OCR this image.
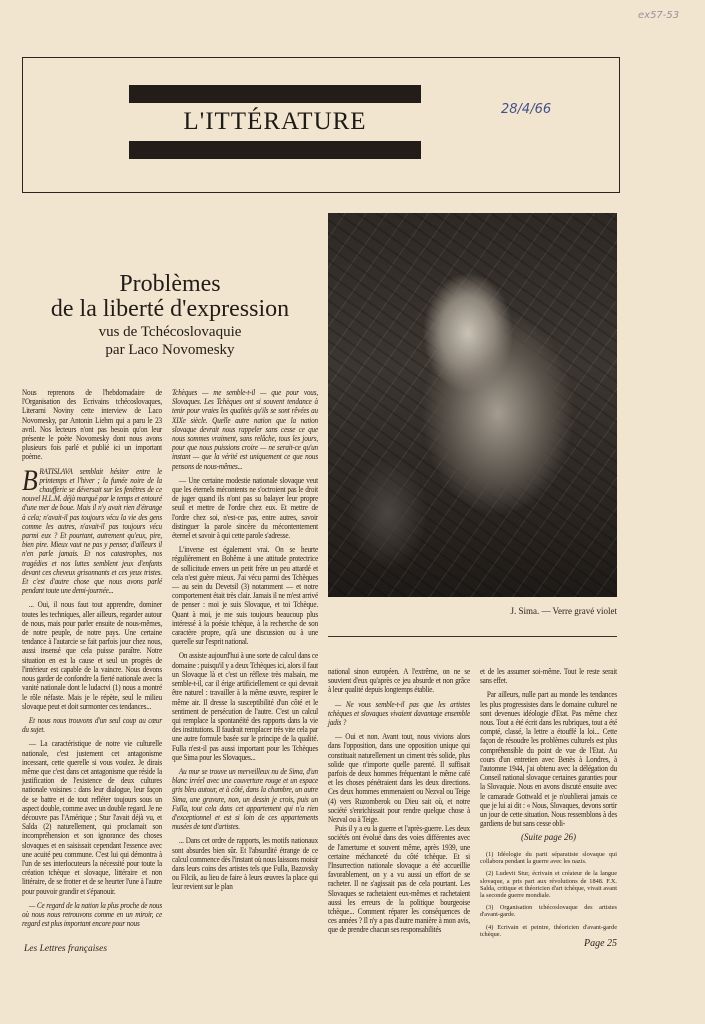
ex57-53
L'ITTÉRATURE	28/4/66
Problèmes
de la liberté d'expression
vus de Tchécoslovaquie
par Laco Novomesky
J. Sima. — Verre gravé violet

Nous reprenons de l'hebdomadaire de l'Organisation des Ecrivains tchécoslovaques, Literarni Noviny cette interview de Laco Novomesky, par Antonin Liehm qui a paru le 23 avril. Nos lecteurs n'ont pas besoin qu'on leur présente le poète Novomesky dont nous avons plusieurs fois parlé et publié ici un important poème.

BRATISLAVA semblait hésiter entre le printemps et l'hiver ; la fumée noire de la chaufferie se déversait sur les fenêtres de ce nouvel H.L.M. déjà marqué par le temps et entouré d'une mer de boue. Mais il n'y avait rien d'étrange à cela; n'avait-il pas toujours vécu la vie des gens comme les autres, n'avait-il pas toujours vécu parmi eux ? Et pourtant, autrement qu'eux, pire, bien pire. Mieux vaut ne pas y penser, d'ailleurs il n'en parle jamais. Et nos catastrophes, nos tragédies et nos luttes semblent jeux d'enfants devant ces cheveux grisonnants et ces yeux tristes. Et c'est d'autre chose que nous avons parlé pendant toute une demi-journée...

... Oui, il nous faut tout apprendre, dominer toutes les techniques, aller ailleurs, regarder autour de nous, mais pour parler ensuite de nous-mêmes, de notre peuple, de notre pays. Une certaine tendance à l'autarcie se fait parfois jour chez nous, aussi insensé que cela puisse paraître. Notre situation en est la cause et seul un progrès de l'intérieur est capable de la vaincre. Nous devons nous garder de confondre la fierté nationale avec la vanité nationale dont le ludactvi (1) nous a montré le rôle néfaste. Mais je le répète, seul le milieu slovaque peut et doit surmonter ces tendances...

Et nous nous trouvons d'un seul coup au cœur du sujet.

— La caractéristique de notre vie culturelle nationale, c'est justement cet antagonisme incessant, cette querelle si vous voulez. Je dirais même que c'est dans cet antagonisme que réside la justification de l'existence de deux cultures nationale voisines : dans leur dialogue, leur façon de se battre et de tout refléter toujours sous un aspect double, comme avec un double regard. Je ne découvre pas l'Amérique ; Stur l'avait déjà vu, et Salda (2) naturellement, qui proclamait son incompréhension et son ignorance des choses slovaques et en saisissait cependant l'essence avec une acuité peu commune. C'est lui qui démontra à l'un de ses interlocuteurs la nécessité pour toute la création tchèque et slovaque, littéraire et non littéraire, de se frotter et de se heurter l'une à l'autre pour pouvoir grandir et s'épanouir.

— Ce regard de la nation la plus proche de nous où nous nous retrouvons comme en un miroir, ce regard est plus important encore pour nous

Tchèques — me semble-t-il — que pour vous, Slovaques. Les Tchèques ont si souvent tendance à tenir pour vraies les qualités qu'ils se sont rêvées au XIXe siècle. Quelle autre nation que la nation slovaque devrait nous rappeler sans cesse ce que nous sommes vraiment, sans relâche, tous les jours, pour que nous puissions croire — ne serait-ce qu'un instant — que la vérité est uniquement ce que nous pensons de nous-mêmes...

— Une certaine modestie nationale slovaque veut que les éternels mécontents ne s'octroient pas le droit de juger quand ils n'ont pas su balayer leur propre seuil et mettre de l'ordre chez eux. Et mettre de l'ordre chez soi, n'est-ce pas, entre autres, savoir distinguer la parole sincère du mécontentement éternel et savoir à qui cette parole s'adresse.

L'inverse est également vrai. On se heurte régulièrement en Bohême à une attitude protectrice de sollicitude envers un petit frère un peu attardé et cela n'est guère mieux. J'ai vécu parmi des Tchèques — au sein du Devetsil (3) notamment — et notre comportement était très clair. Jamais il ne m'est arrivé de penser : moi je suis Slovaque, et toi Tchèque. Quant à moi, je me suis toujours beaucoup plus intéressé à la poésie tchèque, à la recherche de son caractère propre, qu'à une discussion ou à une querelle sur l'esprit national.

On assiste aujourd'hui à une sorte de calcul dans ce domaine : puisqu'il y a deux Tchèques ici, alors il faut un Slovaque là et c'est un réflexe très malsain, me semble-t-il, car il érige artificiellement ce qui devrait être naturel : travailler à la même œuvre, respirer le même air. Il dresse la susceptibilité d'un côté et le sentiment de persécution de l'autre. C'est un calcul qui remplace la spontanéité des rapports dans la vie des institutions. Il faudrait remplacer très vite cela par une autre formule basée sur le principe de la qualité. Fulla n'est-il pas aussi important pour les Tchèques que Sima pour les Slovaques...

Au mur se trouve un merveilleux nu de Sima, d'un blanc irréel avec une couverture rouge et un espace gris bleu autour, et à côté, dans la chambre, un autre Sima, une gravure, non, un dessin je crois, puis un Fulla, tout cela dans cet appartement qui n'a rien d'exceptionnel et est si loin de ces appartements musées de tant d'artistes.

... Dans cet ordre de rapports, les motifs nationaux sont absurdes bien sûr. Et l'absurdité étrange de ce calcul commence dès l'instant où nous laissons moisir dans leurs coins des artistes tels que Fulla, Bazovsky ou Filcik, au lieu de faire à leurs œuvres la place qui leur revient sur le plan

national sinon européen. A l'extrême, on ne se souvient d'eux qu'après ce jeu absurde et non grâce à leur qualité depuis longtemps établie.

— Ne vous semble-t-il pas que les artistes tchèques et slovaques vivaient davantage ensemble jadis ?

— Oui et non. Avant tout, nous vivions alors dans l'opposition, dans une opposition unique qui constituait naturellement un ciment très solide, plus solide que n'importe quelle parenté. Il suffisait parfois de deux hommes fréquentant le même café et les choses pénétraient dans les deux directions. Ces deux hommes emmenaient ou Nezval ou Teige (4) vers Ruzomberok ou Dieu sait où, et notre société s'enrichissait pour rendre quelque chose à Nezval ou à Teige.

Puis il y a eu la guerre et l'après-guerre. Les deux sociétés ont évolué dans des voies différentes avec de l'amertume et souvent même, après 1939, une certaine méchanceté du côté tchèque. Et si l'Insurrection nationale slovaque a été accueillie favorablement, on y a vu aussi un effort de se racheter. Il ne s'agissait pas de cela pourtant. Les Slovaques se rachetaient eux-mêmes et rachetaient aussi les erreurs de la politique bourgeoise tchèque... Comment réparer les conséquences de ces années ? Il n'y a pas d'autre manière à mon avis, que de prendre chacun ses responsabilités

et de les assumer soi-même. Tout le reste serait sans effet.

Par ailleurs, nulle part au monde les tendances les plus progressistes dans le domaine culturel ne sont devenues idéologie d'Etat. Pas même chez nous. Tout a été écrit dans les rubriques, tout a été compté, classé, la lettre a étouffé la loi... Cette façon de résoudre les problèmes culturels est plus compréhensible du point de vue de l'Etat. Au cours d'un entretien avec Benès à Londres, à l'automne 1944, j'ai obtenu avec la délégation du Conseil national slovaque certaines garanties pour la Slovaquie. Nous en avons discuté ensuite avec le camarade Gottwald et je n'oublierai jamais ce que je lui ai dit : « Nous, Slovaques, devons sortir un jour de cette situation. Nous ressemblons à des gardiens de but sans cesse obli-

(Suite page 26)

(1) Idéologie du parti séparatiste slovaque qui collabora pendant la guerre avec les nazis.

(2) Ludevit Stur, écrivain et créateur de la langue slovaque, a pris part aux révolutions de 1848. F.X. Salda, critique et théoricien d'art tchèque, vivait avant la seconde guerre mondiale.

(3) Organisation tchécoslovaque des artistes d'avant-garde.

(4) Ecrivain et peintre, théoricien d'avant-garde tchèque.

Les Lettres françaises	Page 25
